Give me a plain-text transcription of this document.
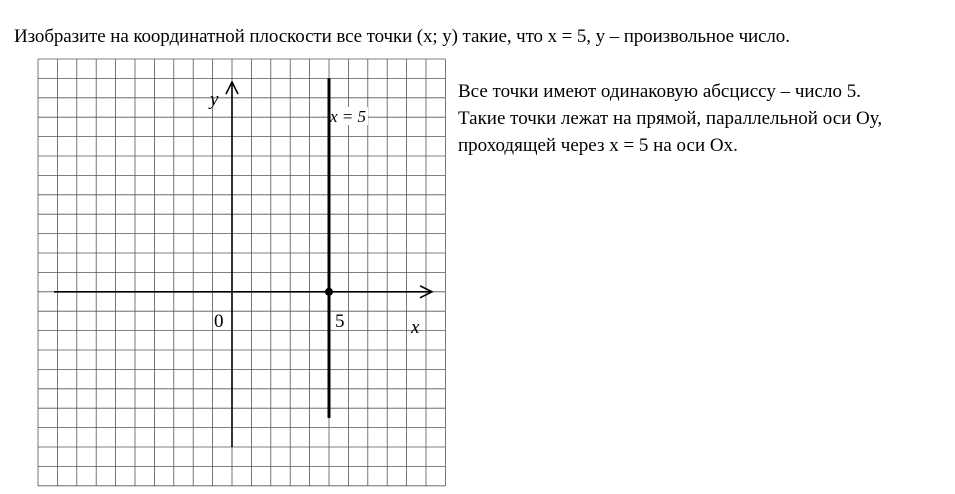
Изобразите на координатной плоскости все точки (х; у) такие, что х = 5, у – произвольное число.
Все точки имеют одинаковую абсциссу – число 5.
Такие точки лежат на прямой, параллельной оси Оу,
проходящей через х = 5 на оси Ох.
y
x
0	5
x = 5
